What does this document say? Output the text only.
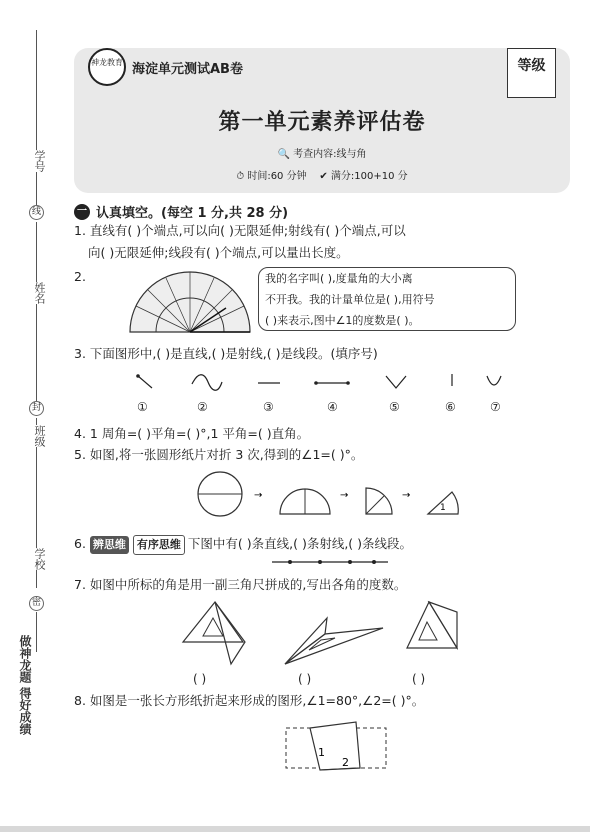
学号
姓名
班级
学校
线
封
密
做神龙题 得好成绩
神龙教育 海淀单元测试AB卷	等级
第一单元素养评估卷
🔍 考查内容:线与角
⏱ 时间:60 分钟 ✔ 满分:100+10 分
一 认真填空。(每空 1 分,共 28 分)
1. 直线有( )个端点,可以向( )无限延伸;射线有( )个端点,可以
向( )无限延伸;线段有( )个端点,可以量出长度。
2.	我的名字叫( ),度量角的大小离
不开我。我的计量单位是( ),用符号
( )来表示,图中∠1的度数是( )。
3. 下面图形中,( )是直线,( )是射线,( )是线段。(填序号)
①	②	③	④	⑤	⑥	⑦
4. 1 周角=( )平角=( )°,1 平角=( )直角。
5. 如图,将一张圆形纸片对折 3 次,得到的∠1=( )°。
→	→	→
1
6. 辨思维 有序思维 下图中有( )条直线,( )条射线,( )条线段。
7. 如图中所标的角是用一副三角尺拼成的,写出各角的度数。
( )	( )	( )
8. 如图是一张长方形纸折起来形成的图形,∠1=80°,∠2=( )°。
1
2
